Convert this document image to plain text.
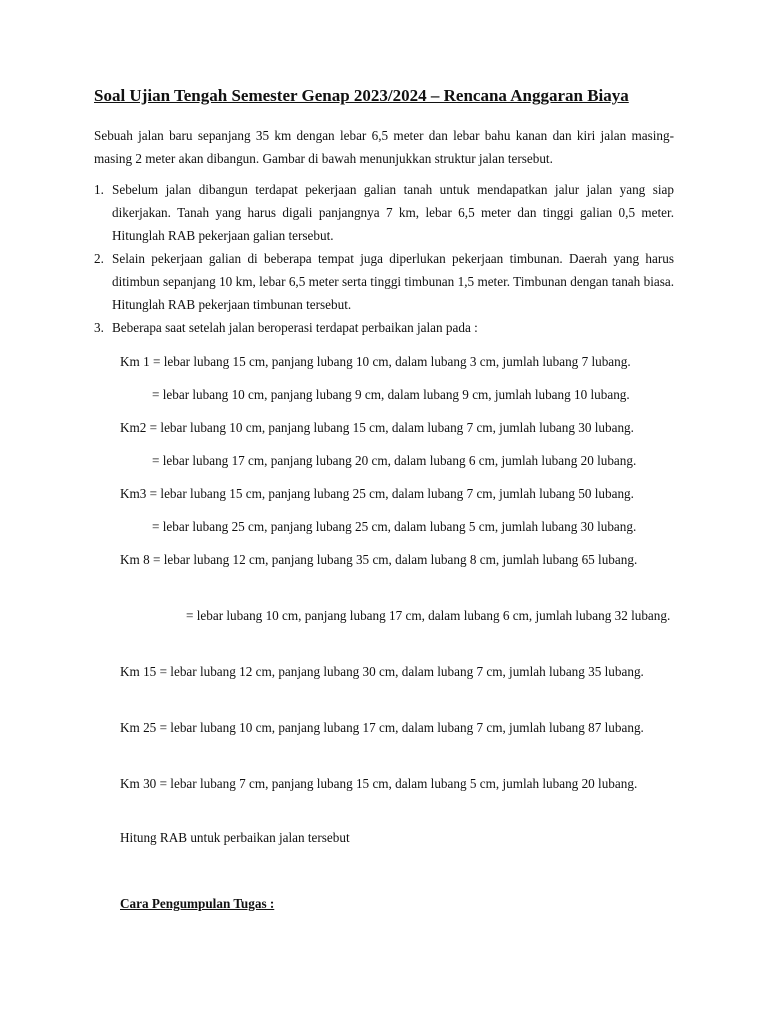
Soal Ujian Tengah Semester Genap 2023/2024 – Rencana Anggaran Biaya

Sebuah jalan baru sepanjang 35 km dengan lebar 6,5 meter dan lebar bahu kanan dan kiri jalan masing-masing 2 meter akan dibangun. Gambar di bawah menunjukkan struktur jalan tersebut.

1. Sebelum jalan dibangun terdapat pekerjaan galian tanah untuk mendapatkan jalur jalan yang siap dikerjakan. Tanah yang harus digali panjangnya 7 km, lebar 6,5 meter dan tinggi galian 0,5 meter. Hitunglah RAB pekerjaan galian tersebut.
2. Selain pekerjaan galian di beberapa tempat juga diperlukan pekerjaan timbunan. Daerah yang harus ditimbun sepanjang 10 km, lebar 6,5 meter serta tinggi timbunan 1,5 meter. Timbunan dengan tanah biasa. Hitunglah RAB pekerjaan timbunan tersebut.
3. Beberapa saat setelah jalan beroperasi terdapat perbaikan jalan pada :

Km 1 = lebar lubang 15 cm, panjang lubang 10 cm, dalam lubang 3 cm, jumlah lubang 7 lubang.

= lebar lubang 10 cm, panjang lubang 9 cm, dalam lubang 9 cm, jumlah lubang 10 lubang.

Km2 = lebar lubang 10 cm, panjang lubang 15 cm, dalam lubang 7 cm, jumlah lubang 30 lubang.

= lebar lubang 17 cm, panjang lubang 20 cm, dalam lubang 6 cm, jumlah lubang 20 lubang.

Km3 = lebar lubang 15 cm, panjang lubang 25 cm, dalam lubang 7 cm, jumlah lubang 50 lubang.

= lebar lubang 25 cm, panjang lubang 25 cm, dalam lubang 5 cm, jumlah lubang 30 lubang.

Km 8 = lebar lubang 12 cm, panjang lubang 35 cm, dalam lubang 8 cm, jumlah lubang 65 lubang.

= lebar lubang 10 cm, panjang lubang 17 cm, dalam lubang 6 cm, jumlah lubang 32 lubang.

Km 15 = lebar lubang 12 cm, panjang lubang 30 cm, dalam lubang 7 cm, jumlah lubang 35 lubang.

Km 25 = lebar lubang 10 cm, panjang lubang 17 cm, dalam lubang 7 cm, jumlah lubang 87 lubang.

Km 30 = lebar lubang 7 cm, panjang lubang 15 cm, dalam lubang 5 cm, jumlah lubang 20 lubang.

Hitung RAB untuk perbaikan jalan tersebut

Cara Pengumpulan Tugas :
